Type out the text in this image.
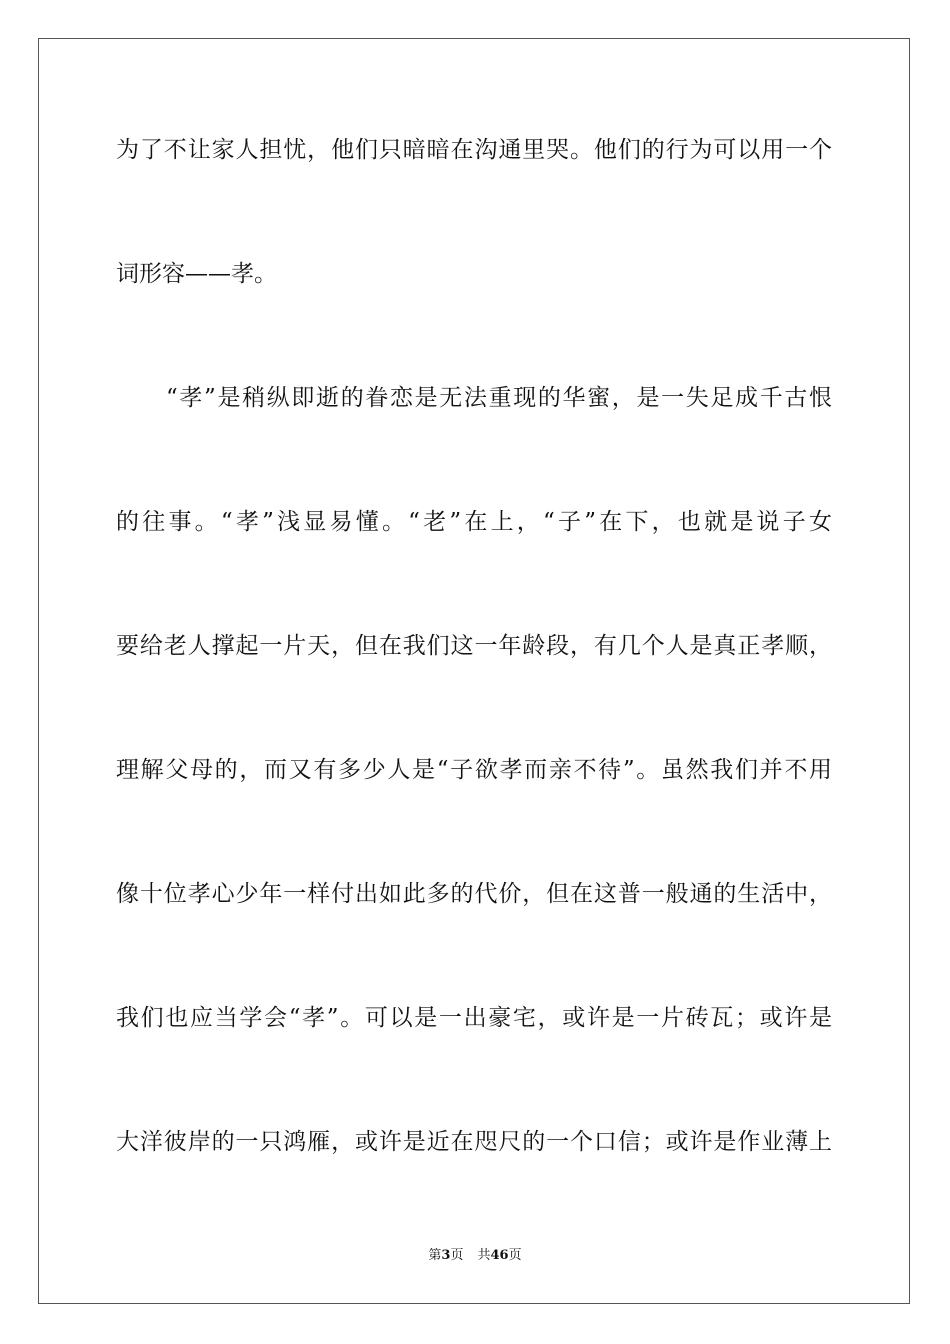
为了不让家人担忧，他们只暗暗在沟通里哭。他们的行为可以用一个
词形容——孝。
“孝”是稍纵即逝的眷恋是无法重现的华蜜，是一失足成千古恨
的往事。“孝”浅显易懂。“老”在上，“子”在下，也就是说子女
要给老人撑起一片天，但在我们这一年龄段，有几个人是真正孝顺，
理解父母的，而又有多少人是“子欲孝而亲不待”。虽然我们并不用
像十位孝心少年一样付出如此多的代价，但在这普一般通的生活中，
我们也应当学会“孝”。可以是一出豪宅，或许是一片砖瓦；或许是
大洋彼岸的一只鸿雁，或许是近在咫尺的一个口信；或许是作业薄上
第3页 共46页
